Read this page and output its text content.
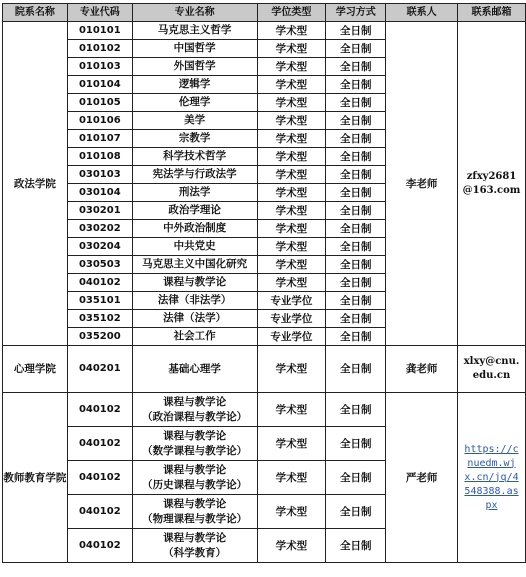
院系名称	专业代码	专业名称	学位类型	学习方式	联系人	联系邮箱
政法学院	010101	马克思主义哲学	学术型	全日制	李老师	zfxy2681@163.com
	010102	中国哲学	学术型	全日制		
	010103	外国哲学	学术型	全日制		
	010104	逻辑学	学术型	全日制		
	010105	伦理学	学术型	全日制		
	010106	美学	学术型	全日制		
	010107	宗教学	学术型	全日制		
	010108	科学技术哲学	学术型	全日制		
	030103	宪法学与行政法学	学术型	全日制		
	030104	刑法学	学术型	全日制		
	030201	政治学理论	学术型	全日制		
	030202	中外政治制度	学术型	全日制		
	030204	中共党史	学术型	全日制		
	030503	马克思主义中国化研究	学术型	全日制		
	040102	课程与教学论	学术型	全日制		
	035101	法律（非法学）	专业学位	全日制		
	035102	法律（法学）	专业学位	全日制		
	035200	社会工作	专业学位	全日制		
心理学院	040201	基础心理学	学术型	全日制	龚老师	xlxy@cnu.edu.cn
教师教育学院	040102	课程与教学论
（政治课程与教学论）	学术型	全日制	严老师	https://cnuedm.wjx.cn/jq/4548388.aspx
	040102	课程与教学论
（数学课程与教学论）	学术型	全日制		
	040102	课程与教学论
（历史课程与教学论）	学术型	全日制		
	040102	课程与教学论
（物理课程与教学论）	学术型	全日制		
	040102	课程与教学论
（科学教育）	学术型	全日制		
